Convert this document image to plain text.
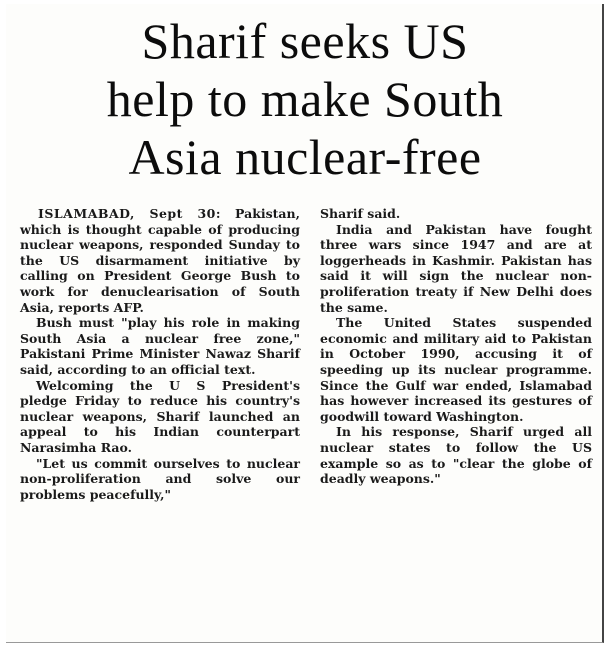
Sharif seeks US
help to make South
Asia nuclear-free

ISLAMABAD, Sept 30: Pakistan, which is thought capable of producing nuclear weapons, responded Sunday to the US disarmament initiative by calling on President George Bush to work for denuclearisation of South Asia, reports AFP.

Bush must "play his role in making South Asia a nuclear free zone," Pakistani Prime Minister Nawaz Sharif said, according to an official text.

Welcoming the U S President's pledge Friday to reduce his country's nuclear weapons, Sharif launched an appeal to his Indian counterpart Narasimha Rao.

"Let us commit ourselves to nuclear non-proliferation and solve our problems peacefully,"

Sharif said.

India and Pakistan have fought three wars since 1947 and are at loggerheads in Kashmir. Pakistan has said it will sign the nuclear non-proliferation treaty if New Delhi does the same.

The United States suspended economic and military aid to Pakistan in October 1990, accusing it of speeding up its nuclear programme. Since the Gulf war ended, Islamabad has however increased its gestures of goodwill toward Washington.

In his response, Sharif urged all nuclear states to follow the US example so as to "clear the globe of deadly weapons."
